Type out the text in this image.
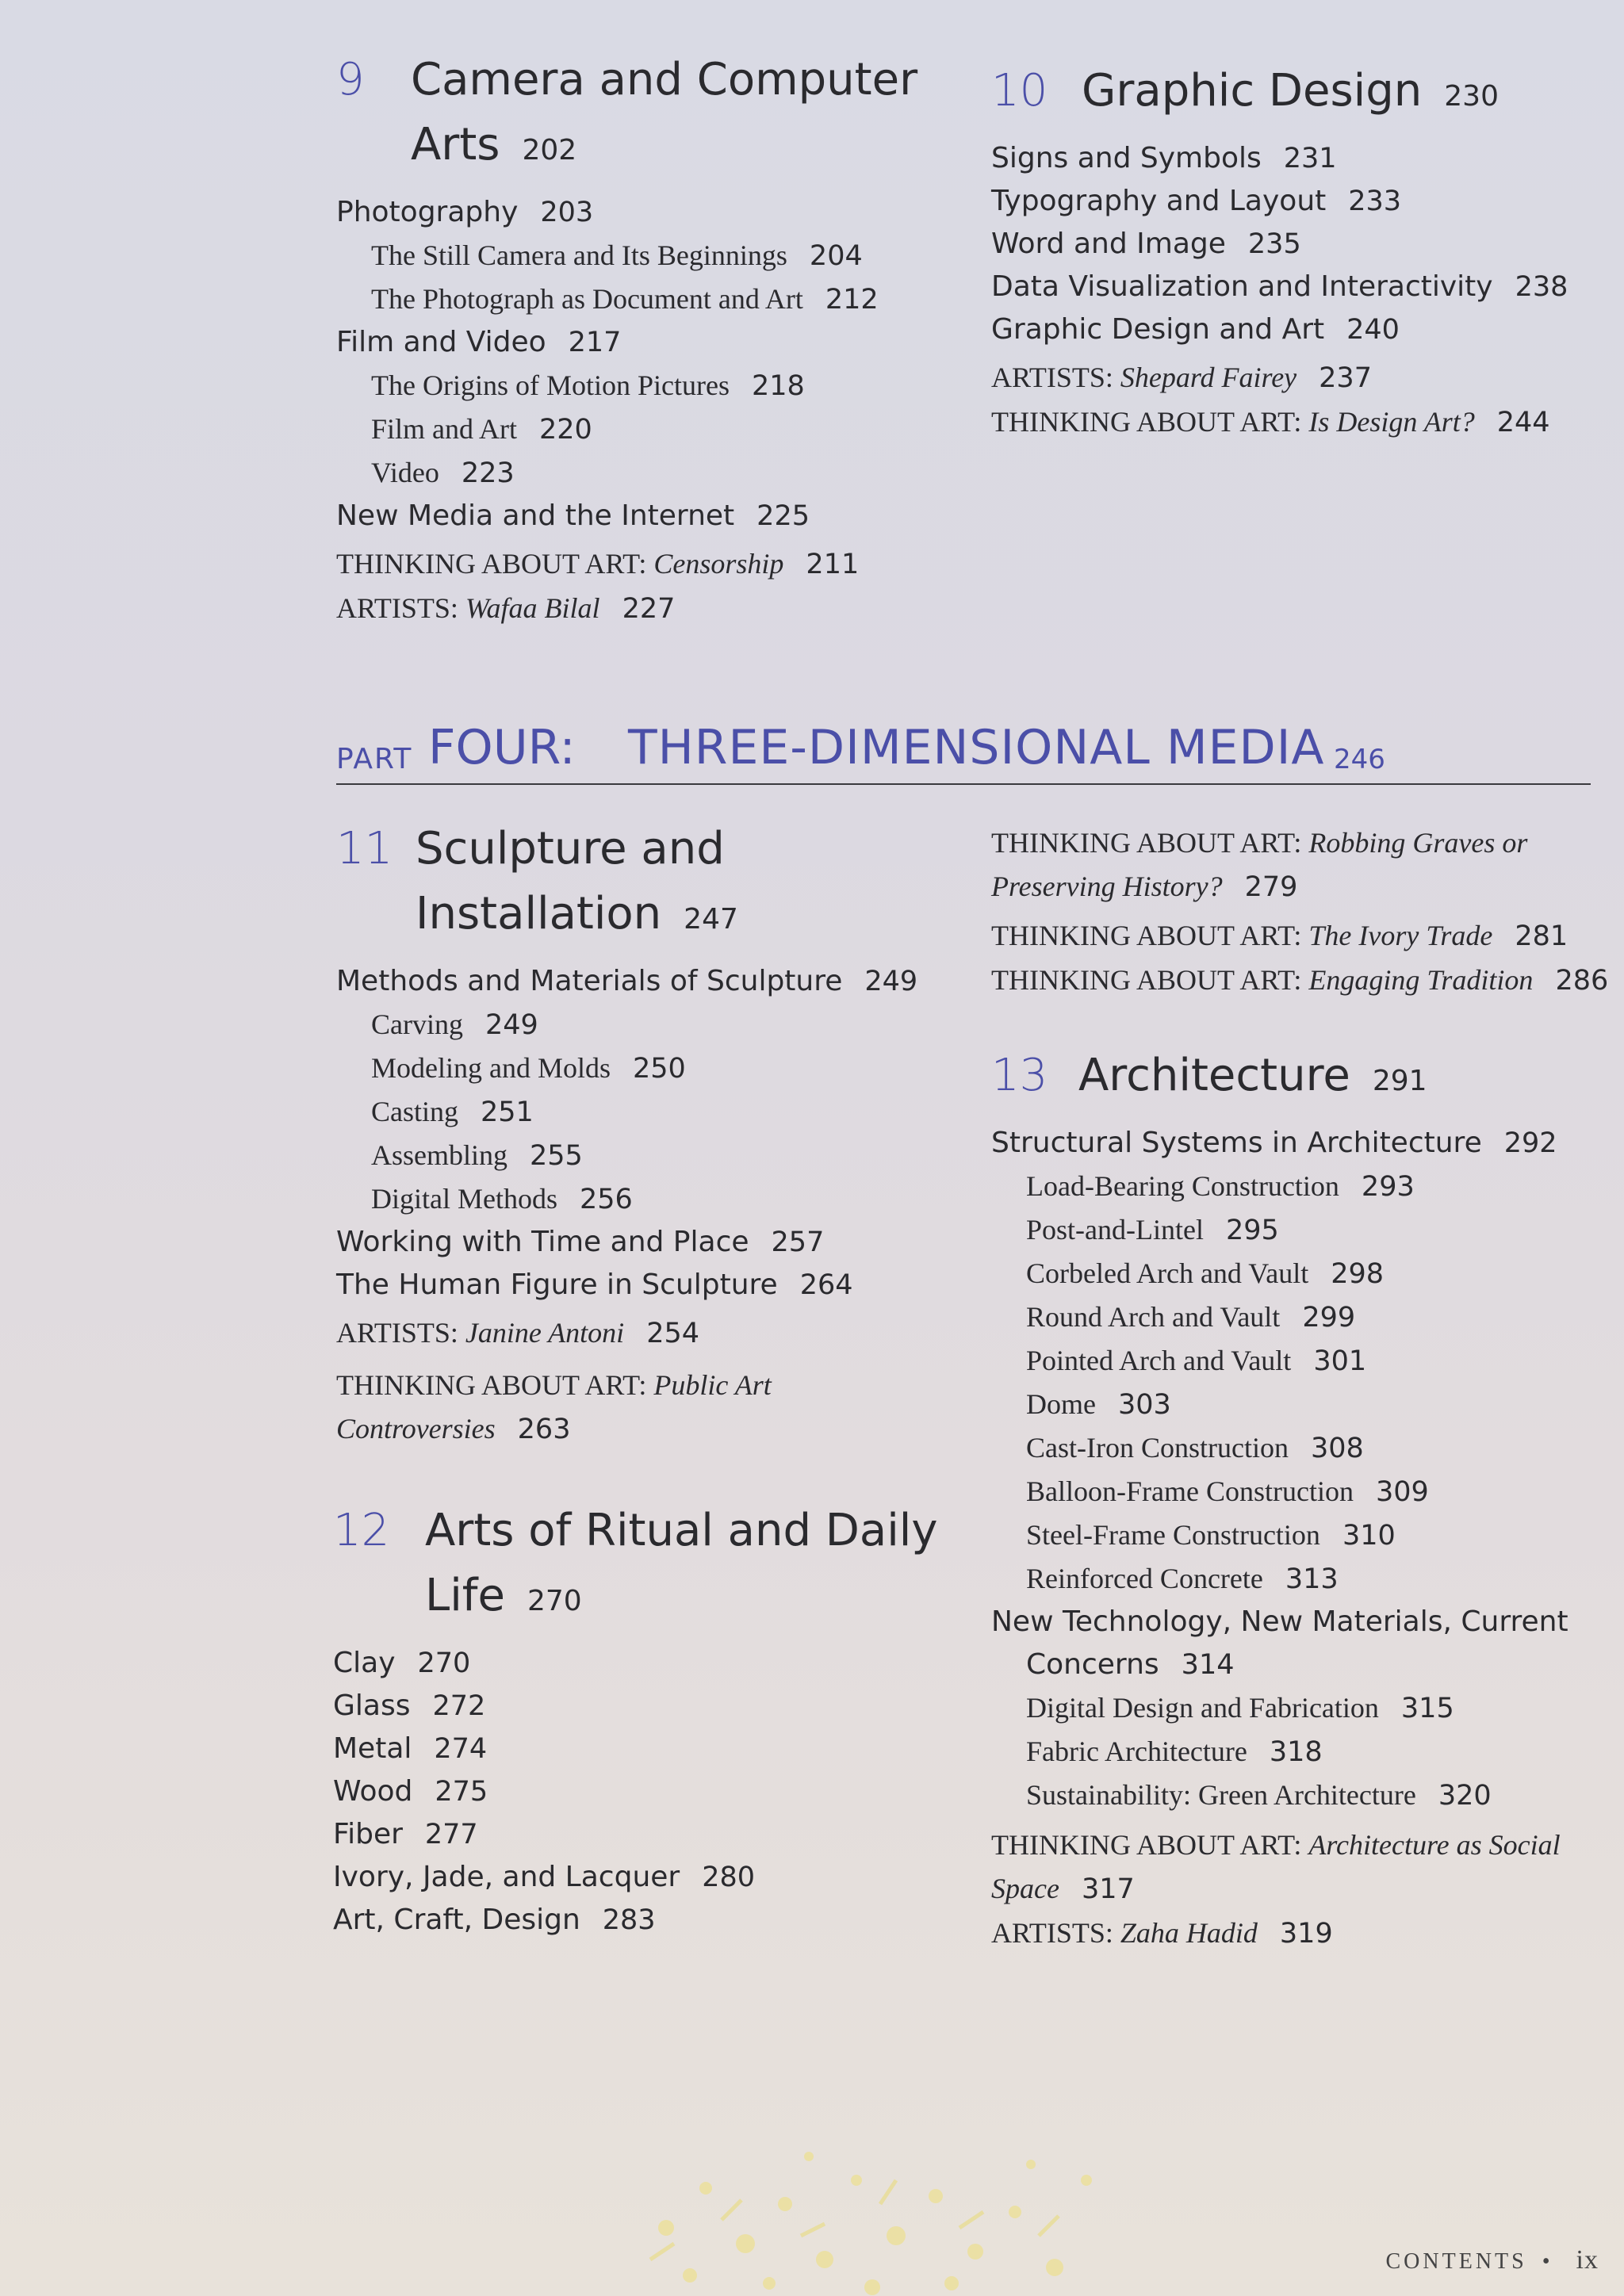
9 Camera and Computer
Arts 202
Photography 203
The Still Camera and Its Beginnings 204
The Photograph as Document and Art 212
Film and Video 217
The Origins of Motion Pictures 218
Film and Art 220
Video 223
New Media and the Internet 225
THINKING ABOUT ART: Censorship 211
ARTISTS: Wafaa Bilal 227
10 Graphic Design 230
Signs and Symbols 231
Typography and Layout 233
Word and Image 235
Data Visualization and Interactivity 238
Graphic Design and Art 240
ARTISTS: Shepard Fairey 237
THINKING ABOUT ART: Is Design Art? 244
PART FOUR: THREE-DIMENSIONAL MEDIA 246
11 Sculpture and
Installation 247
Methods and Materials of Sculpture 249
Carving 249
Modeling and Molds 250
Casting 251
Assembling 255
Digital Methods 256
Working with Time and Place 257
The Human Figure in Sculpture 264
ARTISTS: Janine Antoni 254
THINKING ABOUT ART: Public Art
Controversies 263
12 Arts of Ritual and Daily
Life 270
Clay 270
Glass 272
Metal 274
Wood 275
Fiber 277
Ivory, Jade, and Lacquer 280
Art, Craft, Design 283
THINKING ABOUT ART: Robbing Graves or
Preserving History? 279
THINKING ABOUT ART: The Ivory Trade 281
THINKING ABOUT ART: Engaging Tradition 286
13 Architecture 291
Structural Systems in Architecture 292
Load-Bearing Construction 293
Post-and-Lintel 295
Corbeled Arch and Vault 298
Round Arch and Vault 299
Pointed Arch and Vault 301
Dome 303
Cast-Iron Construction 308
Balloon-Frame Construction 309
Steel-Frame Construction 310
Reinforced Concrete 313
New Technology, New Materials, Current Concerns 314
Digital Design and Fabrication 315
Fabric Architecture 318
Sustainability: Green Architecture 320
THINKING ABOUT ART: Architecture as Social
Space 317
ARTISTS: Zaha Hadid 319
CONTENTS • ix
